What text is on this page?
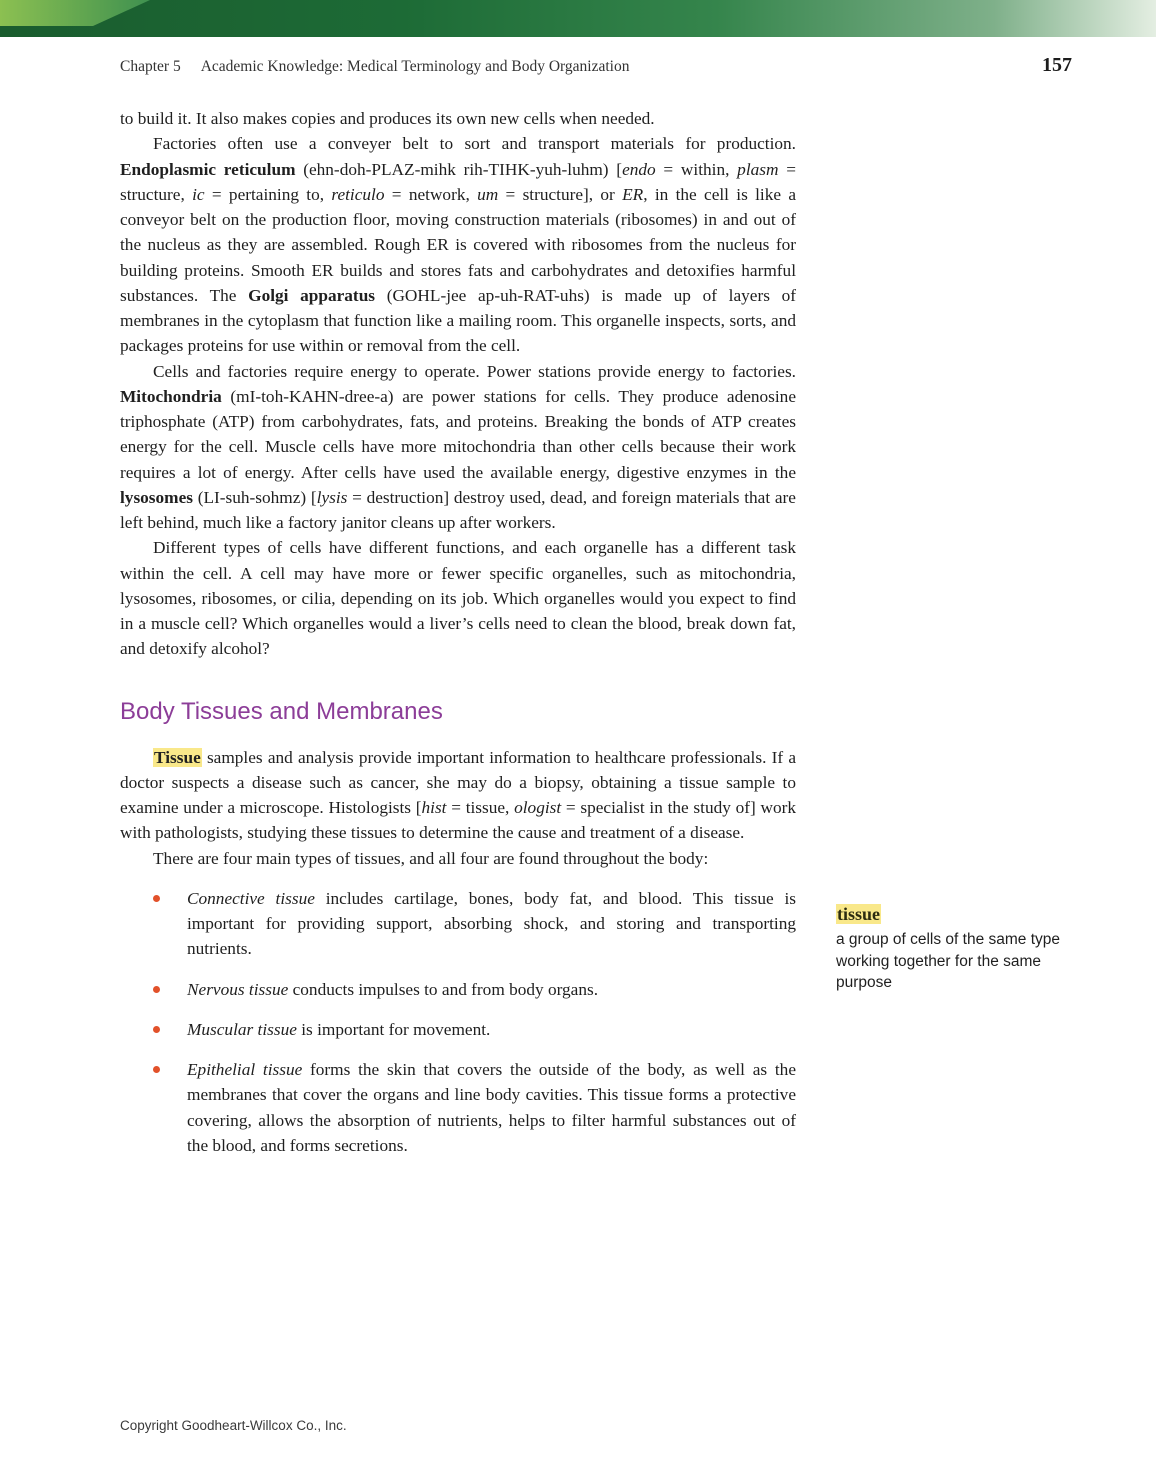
Chapter 5 Academic Knowledge: Medical Terminology and Body Organization	157

to build it. It also makes copies and produces its own new cells when needed.

Factories often use a conveyer belt to sort and transport materials for production. Endoplasmic reticulum (ehn-doh-PLAZ-mihk rih-TIHK-yuh-luhm) [endo = within, plasm = structure, ic = pertaining to, reticulo = network, um = structure], or ER, in the cell is like a conveyor belt on the production floor, moving construction materials (ribosomes) in and out of the nucleus as they are assembled. Rough ER is covered with ribosomes from the nucleus for building proteins. Smooth ER builds and stores fats and carbohydrates and detoxifies harmful substances. The Golgi apparatus (GOHL-jee ap-uh-RAT-uhs) is made up of layers of membranes in the cytoplasm that function like a mailing room. This organelle inspects, sorts, and packages proteins for use within or removal from the cell.

Cells and factories require energy to operate. Power stations provide energy to factories. Mitochondria (mI-toh-KAHN-dree-a) are power stations for cells. They produce adenosine triphosphate (ATP) from carbohydrates, fats, and proteins. Breaking the bonds of ATP creates energy for the cell. Muscle cells have more mitochondria than other cells because their work requires a lot of energy. After cells have used the available energy, digestive enzymes in the lysosomes (LI-suh-sohmz) [lysis = destruction] destroy used, dead, and foreign materials that are left behind, much like a factory janitor cleans up after workers.

Different types of cells have different functions, and each organelle has a different task within the cell. A cell may have more or fewer specific organelles, such as mitochondria, lysosomes, ribosomes, or cilia, depending on its job. Which organelles would you expect to find in a muscle cell? Which organelles would a liver’s cells need to clean the blood, break down fat, and detoxify alcohol?

Body Tissues and Membranes

Tissue samples and analysis provide important information to healthcare professionals. If a doctor suspects a disease such as cancer, she may do a biopsy, obtaining a tissue sample to examine under a microscope. Histologists [hist = tissue, ologist = specialist in the study of] work with pathologists, studying these tissues to determine the cause and treatment of a disease.

There are four main types of tissues, and all four are found throughout the body:

Connective tissue includes cartilage, bones, body fat, and blood. This tissue is important for providing support, absorbing shock, and storing and transporting nutrients.
Nervous tissue conducts impulses to and from body organs.
Muscular tissue is important for movement.
Epithelial tissue forms the skin that covers the outside of the body, as well as the membranes that cover the organs and line body cavities. This tissue forms a protective covering, allows the absorption of nutrients, helps to filter harmful substances out of the blood, and forms secretions.
tissue
a group of cells of the same type working together for the same purpose
Copyright Goodheart-Willcox Co., Inc.
